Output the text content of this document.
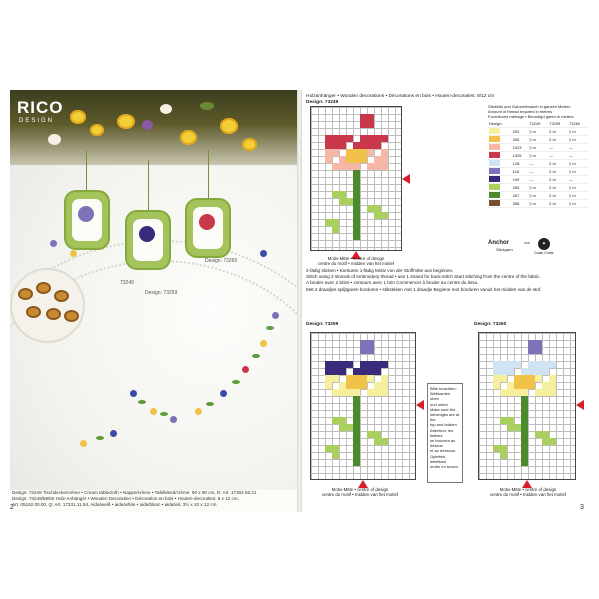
RICO
DESIGN
73249
Design: 73259
Design: 73260
Design: 73249 Tischdecke/crème • Cream tablecloth • Nappe/crème • Tafelkleed/crème: 90 x 90 cm, D: Art. 17304.50.21
Design: 73249/59/60 Holz-Anhänger • Wooden Decoration • Décoration en bois • Houten-decoraties: 8 x 12 cm,
Art. 05162.00.00, Q: Art. 17231.11.94, Aida/weiß • aida/white • aida/blanc • aida/wit, 3½ x 10 x 12 cm
2
Holzanhänger • Wooden decorations • Décorations en bois • Houten-decoraties: 8/12 cm
Design: 73249
Motiv-Mitte • centre of design
centre du motif • midden van het motief
Stickbild und Garnverbrauch in ganzen Metern
Amount of thread required in metres
Fournitures métrage • Benodigd garen in meters
Design:		73249	73259	73260
	292	2 m	2 m	2 m
	305	2 m	2 m	2 m
	1023	2 m	—	—
	1025	2 m	—	—
	128	—	2 m	2 m
	118	—	2 m	2 m
	109	—	2 m	—
	265	2 m	2 m	2 m
	267	2 m	2 m	2 m
	358	2 m	2 m	2 m
Anchor
Stickgarn
von	✦
Coats Crafts
2-fädig sticken • Konturen 1-fädig Motiv von der Stoffmitte aus beginnen.
Stitch using 2 strands of embroidery thread • use 1 strand for back-stitch Start stitching from the centre of the fabric.
A broder avec 2 brins • contours avec 1 brin Commencer à broder au centre du tissu.
Met 2 draadjes splijtgaren borduren • stiksteken met 1 draadje Beginne met borduren vanuit het midden van de stof.
Design: 73259
Motiv-Mitte • centre of design
centre du motif • midden van het motief
Bitte beachten:
Webkanten oben
und unten.
Make sure the
selvedges are at the
top and bottom.
Attention, les lisières
se trouvent au dessus
et au dessous.
Opletten, weefkant
onder en boven.
Design: 73260
Motiv-Mitte • centre of design
centre du motif • midden van het motief
3
